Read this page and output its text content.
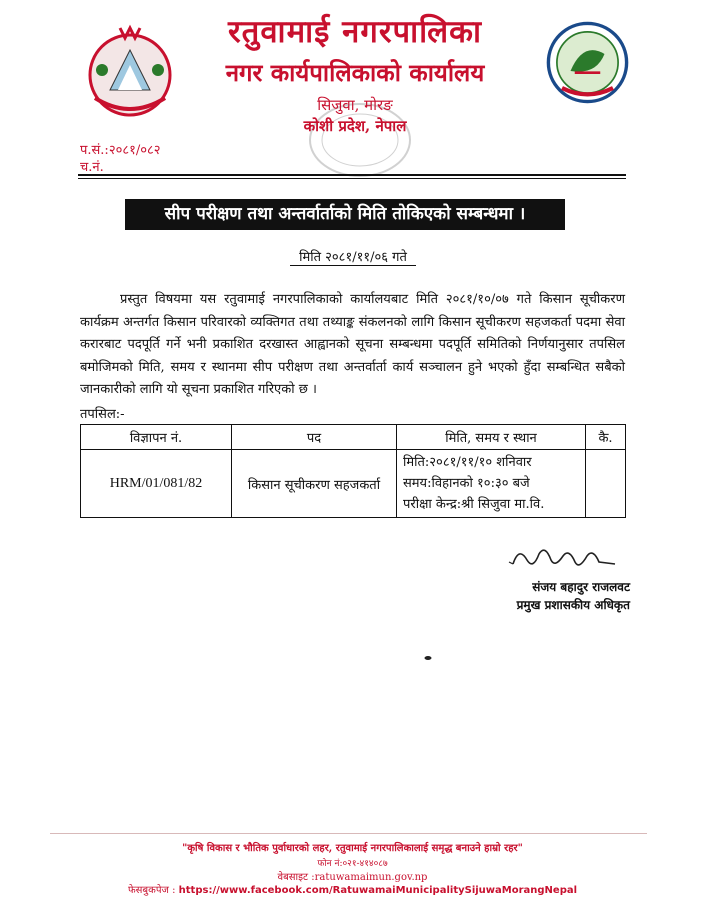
रतुवामाई नगरपालिका
नगर कार्यपालिकाको कार्यालय
सिजुवा, मोरङ
कोशी प्रदेश, नेपाल
प.सं.:२०८१/०८२
च.नं.
सीप परीक्षण तथा अन्तर्वार्ताको मिति तोकिएको सम्बन्धमा ।
मिति २०८१/११/०६ गते
प्रस्तुत विषयमा यस रतुवामाई नगरपालिकाको कार्यालयबाट मिति २०८१/१०/०७ गते किसान सूचीकरण कार्यक्रम अन्तर्गत किसान परिवारको व्यक्तिगत तथा तथ्याङ्क संकलनको लागि किसान सूचीकरण सहजकर्ता पदमा सेवा करारबाट पदपूर्ति गर्ने भनी प्रकाशित दरखास्त आह्वानको सूचना सम्बन्धमा पदपूर्ति समितिको निर्णयानुसार तपसिल बमोजिमको मिति, समय र स्थानमा सीप परीक्षण तथा अन्तर्वार्ता कार्य सञ्चालन हुने भएको हुँदा सम्बन्धित सबैको जानकारीको लागि यो सूचना प्रकाशित गरिएको छ ।
तपसिल:-
विज्ञापन नं.	पद	मिति, समय र स्थान	कै.
HRM/01/081/82	किसान सूचीकरण सहजकर्ता	मिति:२०८१/११/१० शनिवार
समय:विहानको १०:३० बजे
परीक्षा केन्द्र:श्री सिजुवा मा.वि.	

संजय बहादुर राजलवट
प्रमुख प्रशासकीय अधिकृत
"कृषि विकास र भौतिक पुर्वाधारको लहर, रतुवामाई नगरपालिकालाई समृद्ध बनाउने हाम्रो रहर"
फोन नं:०२१-४१४०८७
वेबसाइट :ratuwamaimun.gov.np
फेसबुकपेज : https://www.facebook.com/RatuwamaiMunicipalitySijuwaMorangNepal
